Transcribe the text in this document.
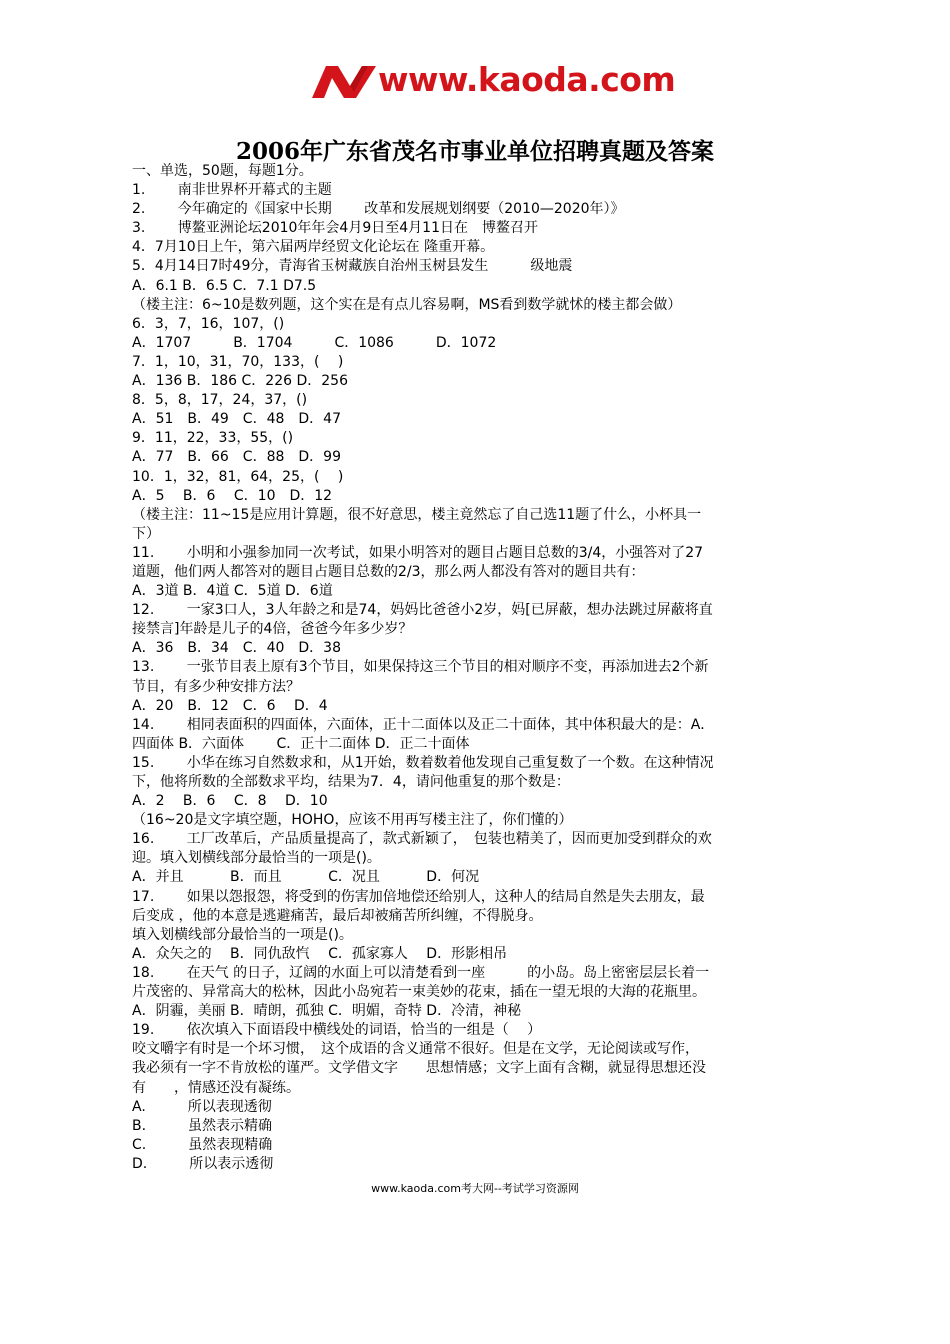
www.kaoda.com
2006年广东省茂名市事业单位招聘真题及答案
一、单选，50题，每题1分。
1.　　 南非世界杯开幕式的主题
2.　　 今年确定的《国家中长期　　 改革和发展规划纲要（2010—2020年）》
3.　　 博鳌亚洲论坛2010年年会4月9日至4月11日在　博鳌召开
4．7月10日上午，第六届两岸经贸文化论坛在 隆重开幕。
5．4月14日7时49分，青海省玉树藏族自治州玉树县发生　　　级地震
A．6.1 B．6.5 C．7.1 D7.5
（楼主注：6~10是数列题，这个实在是有点儿容易啊，MS看到数学就怵的楼主都会做）
6．3，7，16，107，()
A．1707　　　B．1704　　　C．1086　　　D．1072
7．1，10，31，70，133，(　 )
A．136 B．186 C．226 D．256
8．5，8，17，24，37，()
A．51　B．49　C．48　D．47
9．11，22，33，55，()
A．77　B．66　C．88　D．99
10．1，32，81，64，25，(　 )
A．5　 B．6　 C．10　D．12
（楼主注：11~15是应用计算题，很不好意思，楼主竟然忘了自己选11题了什么，小杯具一
下）
11.　　 小明和小强参加同一次考试，如果小明答对的题目占题目总数的3/4，小强答对了27
道题，他们两人都答对的题目占题目总数的2/3，那么两人都没有答对的题目共有：
A．3道 B．4道 C．5道 D．6道
12.　　 一家3口人，3人年龄之和是74，妈妈比爸爸小2岁，妈[已屏蔽，想办法跳过屏蔽将直
接禁言]年龄是儿子的4倍，爸爸今年多少岁？
A．36　B．34　C．40　D．38
13.　　 一张节目表上原有3个节目，如果保持这三个节目的相对顺序不变，再添加进去2个新
节目，有多少种安排方法？
A．20　B．12　C．6　 D．4
14.　　 相同表面积的四面体，六面体，正十二面体以及正二十面体，其中体积最大的是：A．
四面体 B．六面体　　 C．正十二面体 D．正二十面体
15.　　 小华在练习自然数求和，从1开始，数着数着他发现自己重复数了一个数。在这种情况
下，他将所数的全部数求平均，结果为7．4，请问他重复的那个数是：
A．2　 B．6　 C．8　 D．10
（16~20是文字填空题，HOHO，应该不用再写楼主注了，你们懂的）
16.　　 工厂改革后，产品质量提高了，款式新颖了，　包装也精美了，因而更加受到群众的欢
迎。填入划横线部分最恰当的一项是()。
A．并且　　　 B．而且　　　 C．况且　　　 D．何况
17.　　 如果以怨报怨，将受到的伤害加倍地偿还给别人，这种人的结局自然是失去朋友，最
后变成 ，他的本意是逃避痛苦，最后却被痛苦所纠缠，不得脱身。
填入划横线部分最恰当的一项是()。
A．众矢之的　 B．同仇敌忾　 C．孤家寡人　 D．形影相吊
18.　　 在天气 的日子，辽阔的水面上可以清楚看到一座　　　的小岛。岛上密密层层长着一
片茂密的、异常高大的松林，因此小岛宛若一束美妙的花束，插在一望无垠的大海的花瓶里。
A．阴霾，美丽 B．晴朗，孤独 C．明媚，奇特 D．冷清，神秘
19.　　 依次填入下面语段中横线处的词语，恰当的一组是（　 ）
咬文嚼字有时是一个坏习惯，　这个成语的含义通常不很好。但是在文学，无论阅读或写作，
我必须有一字不肯放松的谨严。文学借文字　　思想情感；文字上面有含糊，就显得思想还没
有　　，情感还没有凝练。
A.　　　所以表现透彻
B.　　　虽然表示精确
C.　　　虽然表现精确
D.　　　所以表示透彻
www.kaoda.com考大网--考试学习资源网
